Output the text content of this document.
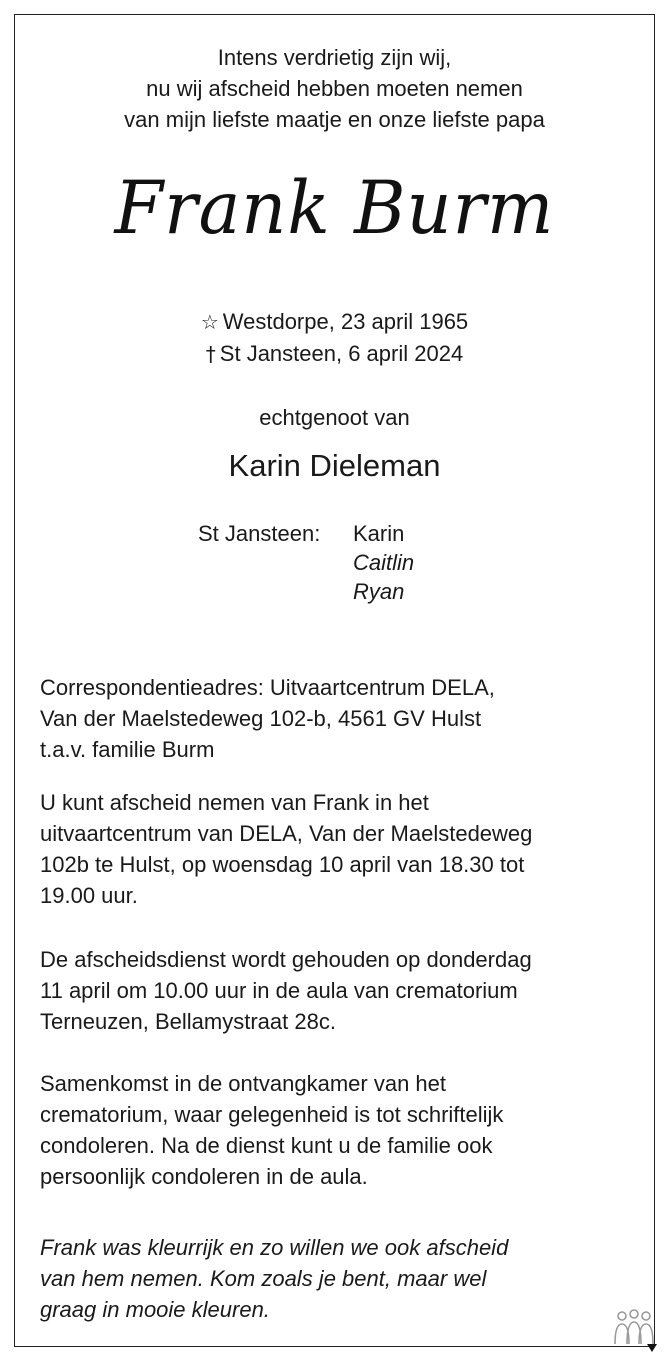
Intens verdrietig zijn wij,
nu wij afscheid hebben moeten nemen
van mijn liefste maatje en onze liefste papa
Frank Burm
☆ Westdorpe, 23 april 1965
† St Jansteen, 6 april 2024
echtgenoot van
Karin Dieleman
St Jansteen: Karin
Caitlin
Ryan
Correspondentieadres: Uitvaartcentrum DELA,
Van der Maelstedeweg 102-b, 4561 GV Hulst
t.a.v. familie Burm
U kunt afscheid nemen van Frank in het
uitvaartcentrum van DELA, Van der Maelstedeweg
102b te Hulst, op woensdag 10 april van 18.30 tot
19.00 uur.
De afscheidsdienst wordt gehouden op donderdag
11 april om 10.00 uur in de aula van crematorium
Terneuzen, Bellamystraat 28c.
Samenkomst in de ontvangkamer van het
crematorium, waar gelegenheid is tot schriftelijk
condoleren. Na de dienst kunt u de familie ook
persoonlijk condoleren in de aula.
Frank was kleurrijk en zo willen we ook afscheid
van hem nemen. Kom zoals je bent, maar wel
graag in mooie kleuren.
